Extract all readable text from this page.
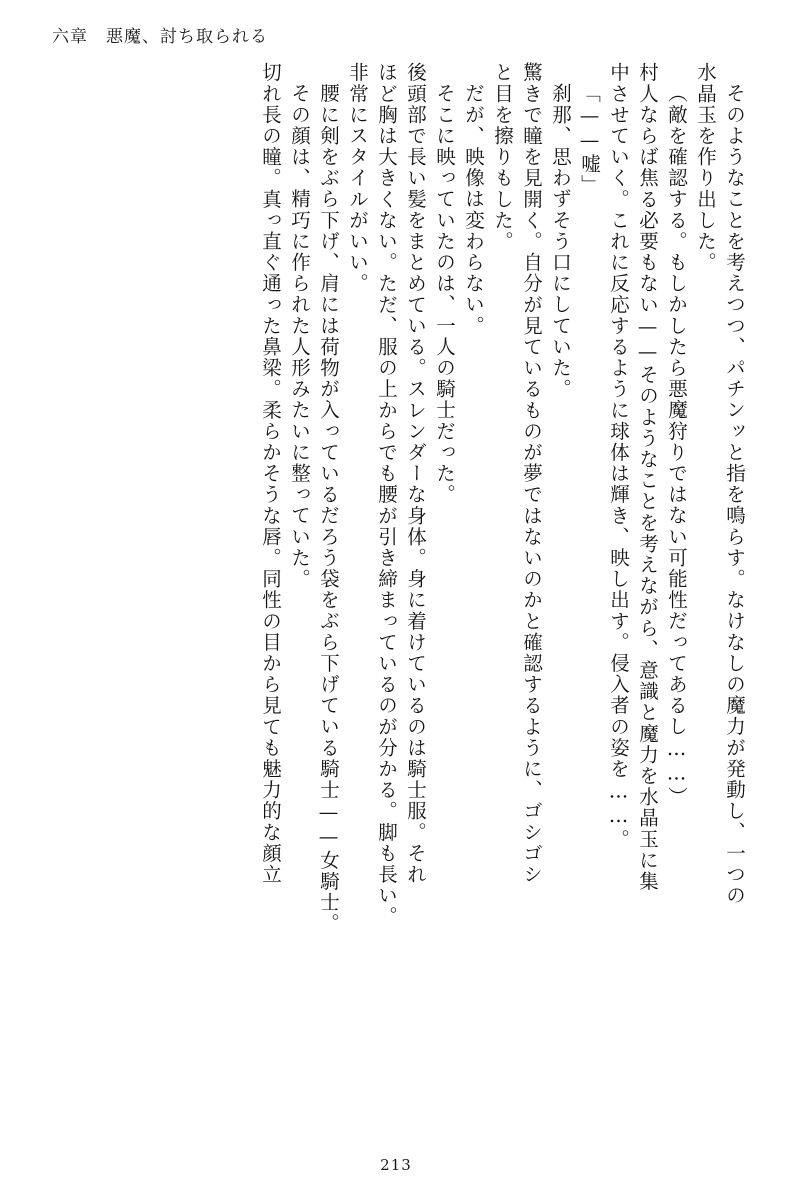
六章 悪魔、討ち取られる
そのようなことを考えつつ、パチンッと指を鳴らす。なけなしの魔力が発動し、一つの
水晶玉を作り出した。
（敵を確認する。もしかしたら悪魔狩りではない可能性だってあるし……）
村人ならば焦る必要もない——そのようなことを考えながら、意識と魔力を水晶玉に集
中させていく。これに反応するように球体は輝き、映し出す。侵入者の姿を……。
「——嘘」
刹那、思わずそう口にしていた。
驚きで瞳を見開く。自分が見ているものが夢ではないのかと確認するように、ゴシゴシ
と目を擦りもした。
だが、映像は変わらない。
そこに映っていたのは、一人の騎士だった。
後頭部で長い髪をまとめている。スレンダーな身体。身に着けているのは騎士服。それ
ほど胸は大きくない。ただ、服の上からでも腰が引き締まっているのが分かる。脚も長い。
非常にスタイルがいい。
腰に剣をぶら下げ、肩には荷物が入っているだろう袋をぶら下げている騎士——女騎士。
その顔は、精巧に作られた人形みたいに整っていた。
切れ長の瞳。真っ直ぐ通った鼻梁。柔らかそうな唇。同性の目から見ても魅力的な顔立
213
